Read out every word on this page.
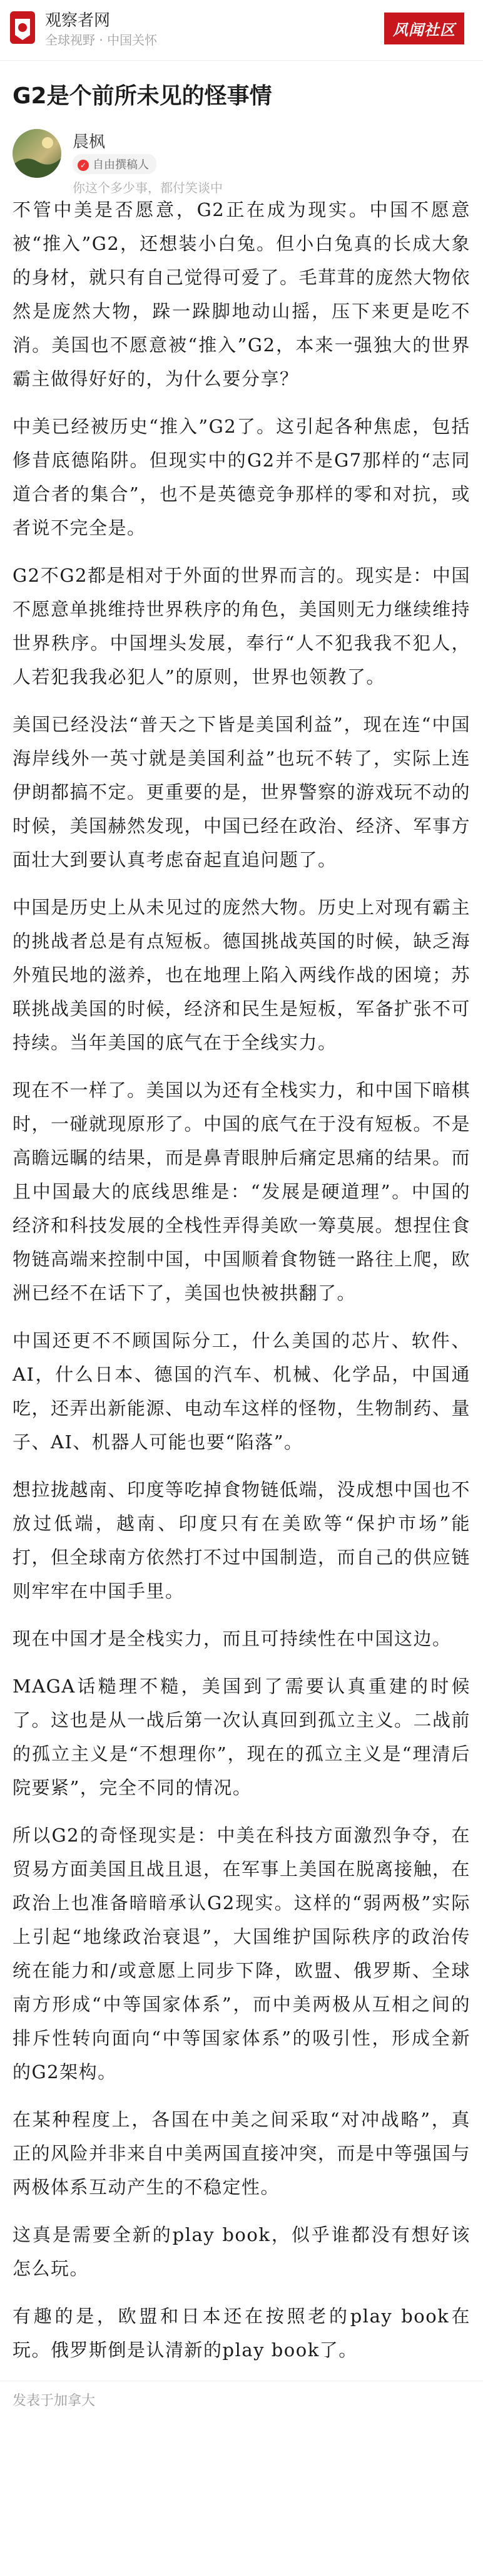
观察者网
全球视野 · 中国关怀
风闻社区
G2是个前所未见的怪事情
晨枫
✓ 自由撰稿人
你这个多少事，都付笑谈中

不管中美是否愿意，G2正在成为现实。中国不愿意被“推入”G2，还想装小白兔。但小白兔真的长成大象的身材，就只有自己觉得可爱了。毛茸茸的庞然大物依然是庞然大物，跺一跺脚地动山摇，压下来更是吃不消。美国也不愿意被“推入”G2，本来一强独大的世界霸主做得好好的，为什么要分享？

中美已经被历史“推入”G2了。这引起各种焦虑，包括修昔底德陷阱。但现实中的G2并不是G7那样的“志同道合者的集合”，也不是英德竞争那样的零和对抗，或者说不完全是。

G2不G2都是相对于外面的世界而言的。现实是：中国不愿意单挑维持世界秩序的角色，美国则无力继续维持世界秩序。中国埋头发展，奉行“人不犯我我不犯人，人若犯我我必犯人”的原则，世界也领教了。

美国已经没法“普天之下皆是美国利益”，现在连“中国海岸线外一英寸就是美国利益”也玩不转了，实际上连伊朗都搞不定。更重要的是，世界警察的游戏玩不动的时候，美国赫然发现，中国已经在政治、经济、军事方面壮大到要认真考虑奋起直追问题了。

中国是历史上从未见过的庞然大物。历史上对现有霸主的挑战者总是有点短板。德国挑战英国的时候，缺乏海外殖民地的滋养，也在地理上陷入两线作战的困境；苏联挑战美国的时候，经济和民生是短板，军备扩张不可持续。当年美国的底气在于全线实力。

现在不一样了。美国以为还有全栈实力，和中国下暗棋时，一碰就现原形了。中国的底气在于没有短板。不是高瞻远瞩的结果，而是鼻青眼肿后痛定思痛的结果。而且中国最大的底线思维是：“发展是硬道理”。中国的经济和科技发展的全栈性弄得美欧一筹莫展。想捏住食物链高端来控制中国，中国顺着食物链一路往上爬，欧洲已经不在话下了，美国也快被拱翻了。

中国还更不不顾国际分工，什么美国的芯片、软件、AI，什么日本、德国的汽车、机械、化学品，中国通吃，还弄出新能源、电动车这样的怪物，生物制药、量子、AI、机器人可能也要“陷落”。

想拉拢越南、印度等吃掉食物链低端，没成想中国也不放过低端，越南、印度只有在美欧等“保护市场”能打，但全球南方依然打不过中国制造，而自己的供应链则牢牢在中国手里。

现在中国才是全栈实力，而且可持续性在中国这边。

MAGA话糙理不糙，美国到了需要认真重建的时候了。这也是从一战后第一次认真回到孤立主义。二战前的孤立主义是“不想理你”，现在的孤立主义是“理清后院要紧”，完全不同的情况。

所以G2的奇怪现实是：中美在科技方面激烈争夺，在贸易方面美国且战且退，在军事上美国在脱离接触，在政治上也准备暗暗承认G2现实。这样的“弱两极”实际上引起“地缘政治衰退”，大国维护国际秩序的政治传统在能力和/或意愿上同步下降，欧盟、俄罗斯、全球南方形成“中等国家体系”，而中美两极从互相之间的排斥性转向面向“中等国家体系”的吸引性，形成全新的G2架构。

在某种程度上，各国在中美之间采取“对冲战略”，真正的风险并非来自中美两国直接冲突，而是中等强国与两极体系互动产生的不稳定性。

这真是需要全新的play book，似乎谁都没有想好该怎么玩。

有趣的是，欧盟和日本还在按照老的play book在玩。俄罗斯倒是认清新的play book了。

发表于加拿大
